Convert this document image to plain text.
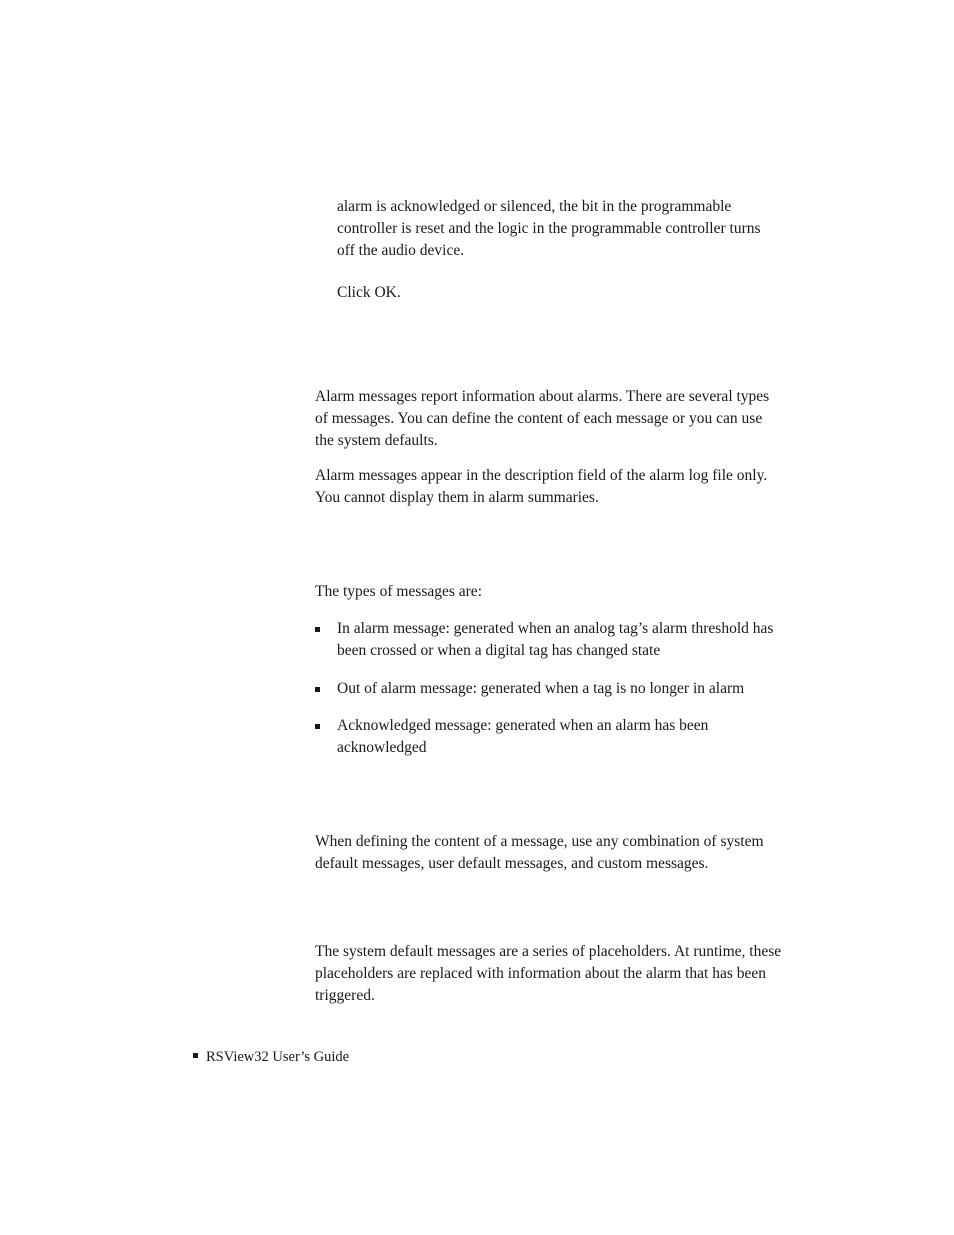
alarm is acknowledged or silenced, the bit in the programmable controller is reset and the logic in the programmable controller turns off the audio device.

Click OK.

Alarm messages report information about alarms. There are several types of messages. You can define the content of each message or you can use the system defaults.

Alarm messages appear in the description field of the alarm log file only. You cannot display them in alarm summaries.

The types of messages are:

In alarm message: generated when an analog tag’s alarm threshold has been crossed or when a digital tag has changed state
Out of alarm message: generated when a tag is no longer in alarm
Acknowledged message: generated when an alarm has been acknowledged

When defining the content of a message, use any combination of system default messages, user default messages, and custom messages.

The system default messages are a series of placeholders. At runtime, these placeholders are replaced with information about the alarm that has been triggered.

RSView32 User’s Guide
